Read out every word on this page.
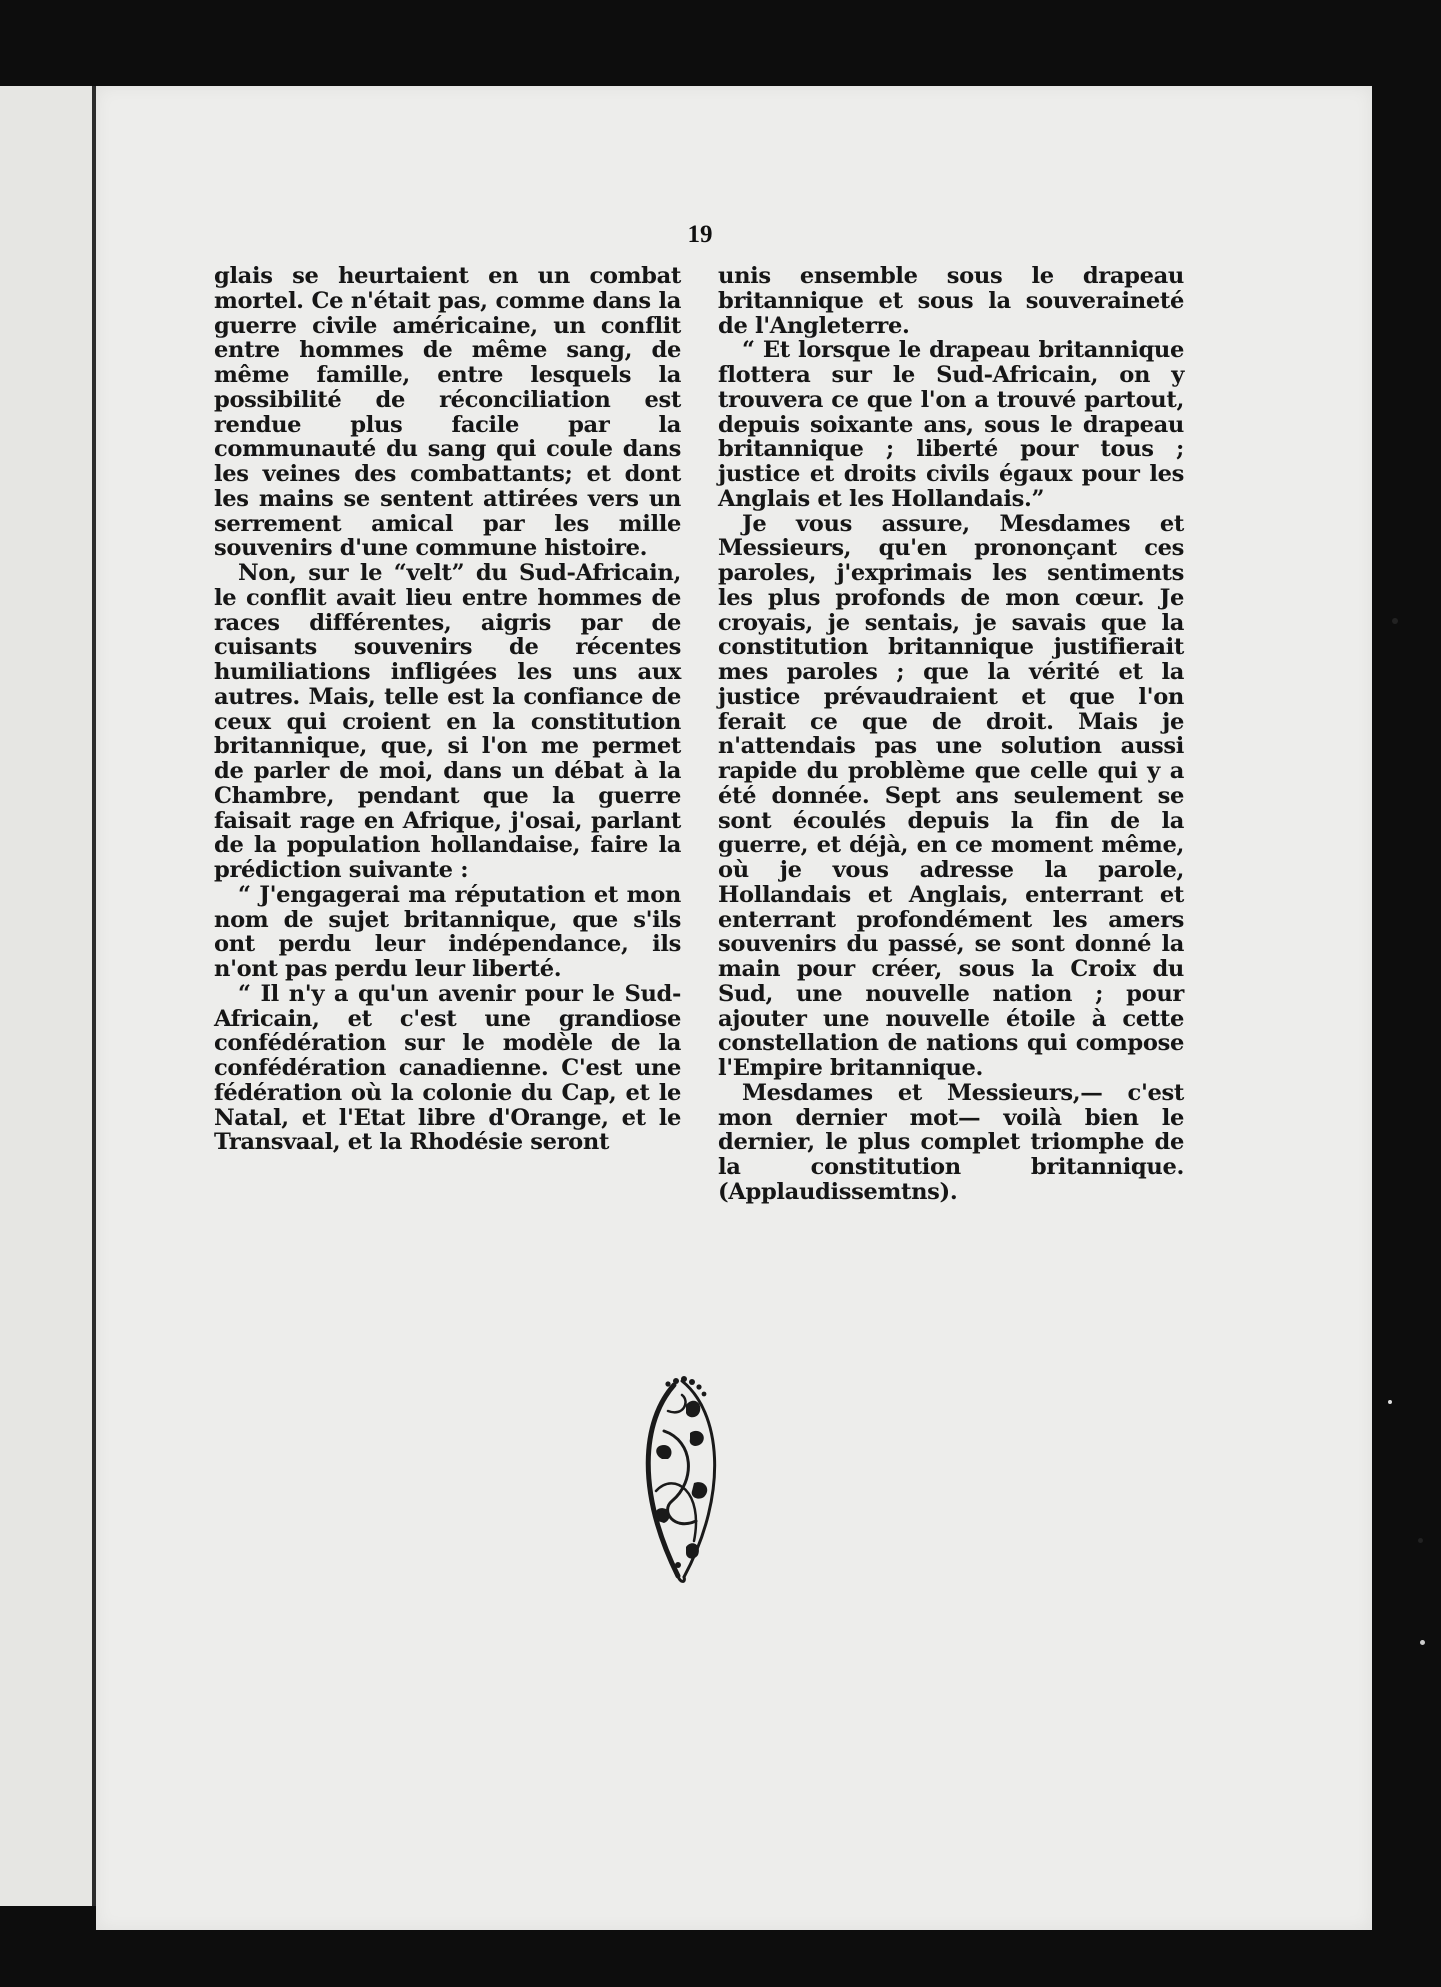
19

glais se heurtaient en un combat mortel. Ce n'était pas, comme dans la guerre civile américaine, un conflit entre hommes de même sang, de même famille, entre lesquels la possibilité de réconciliation est rendue plus facile par la communauté du sang qui coule dans les veines des combattants; et dont les mains se sentent attirées vers un serrement amical par les mille souvenirs d'une commune histoire.

Non, sur le “velt” du Sud-Africain, le conflit avait lieu entre hommes de races différentes, aigris par de cuisants souvenirs de récentes humiliations infligées les uns aux autres. Mais, telle est la confiance de ceux qui croient en la constitution britannique, que, si l'on me permet de parler de moi, dans un débat à la Chambre, pendant que la guerre faisait rage en Afrique, j'osai, parlant de la population hollandaise, faire la prédiction suivante :

“ J'engagerai ma réputation et mon nom de sujet britannique, que s'ils ont perdu leur indépendance, ils n'ont pas perdu leur liberté.

“ Il n'y a qu'un avenir pour le Sud-Africain, et c'est une grandiose confédération sur le modèle de la confédération canadienne. C'est une fédération où la colonie du Cap, et le Natal, et l'Etat libre d'Orange, et le Transvaal, et la Rhodésie seront

unis ensemble sous le drapeau britannique et sous la souveraineté de l'Angleterre.

“ Et lorsque le drapeau britannique flottera sur le Sud-Africain, on y trouvera ce que l'on a trouvé partout, depuis soixante ans, sous le drapeau britannique ; liberté pour tous ; justice et droits civils égaux pour les Anglais et les Hollandais.”

Je vous assure, Mesdames et Messieurs, qu'en prononçant ces paroles, j'exprimais les sentiments les plus profonds de mon cœur. Je croyais, je sentais, je savais que la constitution britannique justifierait mes paroles ; que la vérité et la justice prévaudraient et que l'on ferait ce que de droit. Mais je n'attendais pas une solution aussi rapide du problème que celle qui y a été donnée. Sept ans seulement se sont écoulés depuis la fin de la guerre, et déjà, en ce moment même, où je vous adresse la parole, Hollandais et Anglais, enterrant et enterrant profondément les amers souvenirs du passé, se sont donné la main pour créer, sous la Croix du Sud, une nouvelle nation ; pour ajouter une nouvelle étoile à cette constellation de nations qui compose l'Empire britannique.

Mesdames et Messieurs,— c'est mon dernier mot— voilà bien le dernier, le plus complet triomphe de la constitution britannique. (Applaudissemtns).
